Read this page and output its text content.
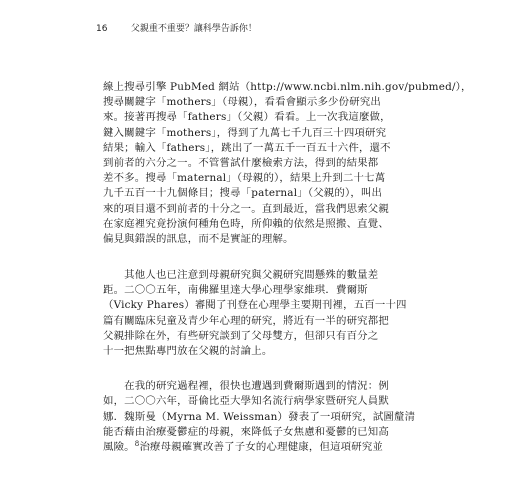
16	父親重不重要？讓科學告訴你！
線上搜尋引擎 PubMed 網站（http://www.ncbi.nlm.nih.gov/pubmed/），
搜尋關鍵字「mothers」（母親），看看會顯示多少份研究出
來。接著再搜尋「fathers」（父親）看看。上一次我這麼做，
鍵入關鍵字「mothers」，得到了九萬七千九百三十四項研究
結果；輸入「fathers」，跳出了一萬五千一百五十六件，還不
到前者的六分之一。不管嘗試什麼檢索方法，得到的結果都
差不多。搜尋「maternal」（母親的），結果上升到二十七萬
九千五百一十九個條目；搜尋「paternal」（父親的），叫出
來的項目還不到前者的十分之一。直到最近，當我們思索父親
在家庭裡究竟扮演何種角色時，所仰賴的依然是照搬、直覺、
偏見與錯誤的訊息，而不是實証的理解。
　　其他人也已注意到母親研究與父親研究間懸殊的數量差
距。二〇〇五年，南佛羅里達大學心理學家維琪．費爾斯
（Vicky Phares）審閱了刊登在心理學主要期刊裡，五百一十四
篇有關臨床兒童及青少年心理的研究，將近有一半的研究都把
父親排除在外，有些研究談到了父母雙方，但卻只有百分之
十一把焦點專門放在父親的討論上。
　　在我的研究過程裡，很快也遭遇到費爾斯遇到的情況：例
如，二〇〇六年，哥倫比亞大學知名流行病學家暨研究人員默
娜．魏斯曼（Myrna M. Weissman）發表了一項研究，試圖釐清
能否藉由治療憂鬱症的母親，來降低子女焦慮和憂鬱的已知高
風險。$^8$治療母親確實改善了子女的心理健康，但這項研究並
